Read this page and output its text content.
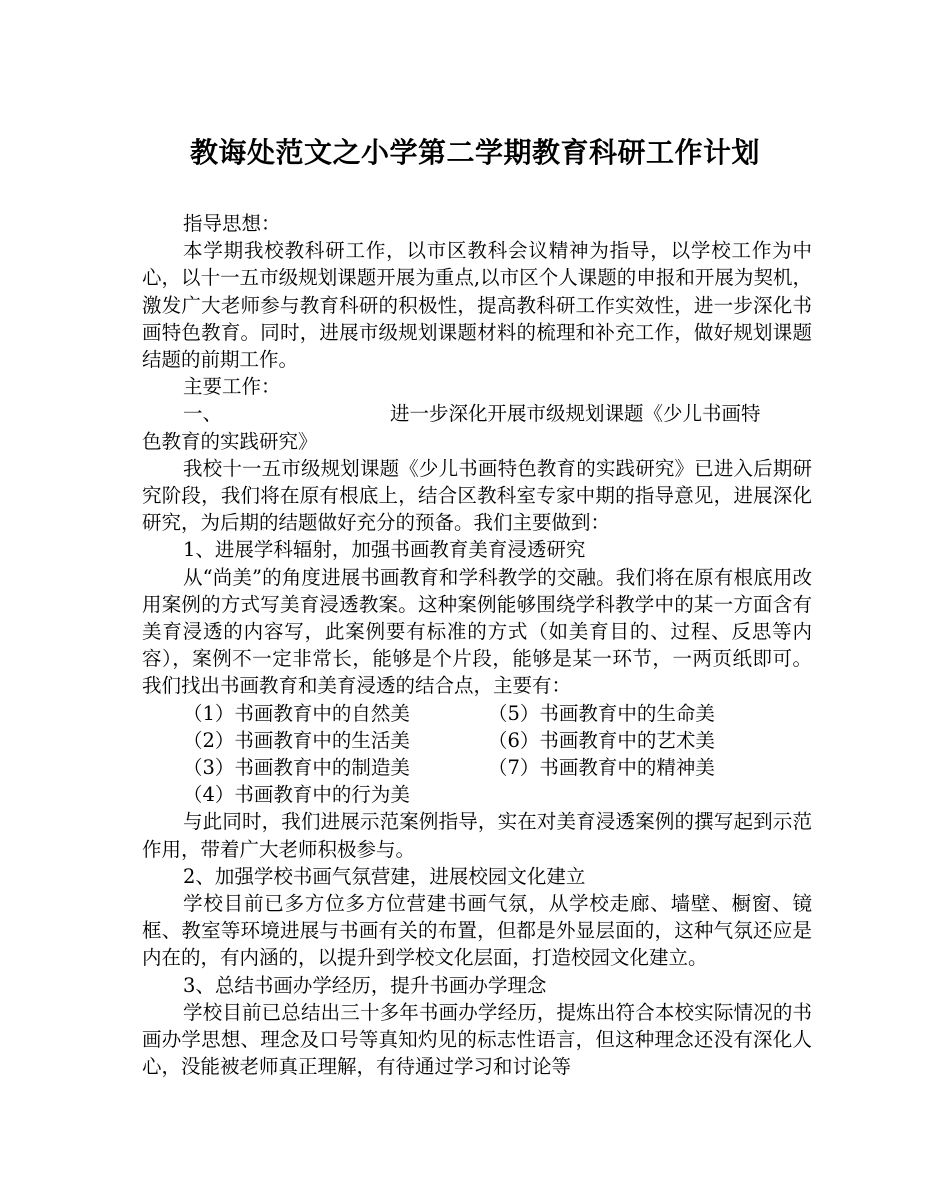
教诲处范文之小学第二学期教育科研工作计划

指导思想：

本学期我校教科研工作，以市区教科会议精神为指导，以学校工作为中心，以十一五市级规划课题开展为重点,以市区个人课题的申报和开展为契机，激发广大老师参与教育科研的积极性，提高教科研工作实效性，进一步深化书画特色教育。同时，进展市级规划课题材料的梳理和补充工作，做好规划课题结题的前期工作。

主要工作：

一、	进一步深化开展市级规划课题《少儿书画特

色教育的实践研究》

我校十一五市级规划课题《少儿书画特色教育的实践研究》已进入后期研究阶段，我们将在原有根底上，结合区教科室专家中期的指导意见，进展深化研究，为后期的结题做好充分的预备。我们主要做到：

1、进展学科辐射，加强书画教育美育浸透研究

从“尚美”的角度进展书画教育和学科教学的交融。我们将在原有根底用改用案例的方式写美育浸透教案。这种案例能够围绕学科教学中的某一方面含有美育浸透的内容写，此案例要有标准的方式（如美育目的、过程、反思等内容），案例不一定非常长，能够是个片段，能够是某一环节，一两页纸即可。我们找出书画教育和美育浸透的结合点，主要有：

（1）书画教育中的自然美	（5）书画教育中的生命美
（2）书画教育中的生活美	（6）书画教育中的艺术美
（3）书画教育中的制造美	（7）书画教育中的精神美
（4）书画教育中的行为美

与此同时，我们进展示范案例指导，实在对美育浸透案例的撰写起到示范作用，带着广大老师积极参与。

2、加强学校书画气氛营建，进展校园文化建立

学校目前已多方位多方位营建书画气氛，从学校走廊、墙壁、橱窗、镜框、教室等环境进展与书画有关的布置，但都是外显层面的，这种气氛还应是内在的，有内涵的，以提升到学校文化层面，打造校园文化建立。

3、总结书画办学经历，提升书画办学理念

学校目前已总结出三十多年书画办学经历，提炼出符合本校实际情况的书画办学思想、理念及口号等真知灼见的标志性语言，但这种理念还没有深化人心，没能被老师真正理解，有待通过学习和讨论等
